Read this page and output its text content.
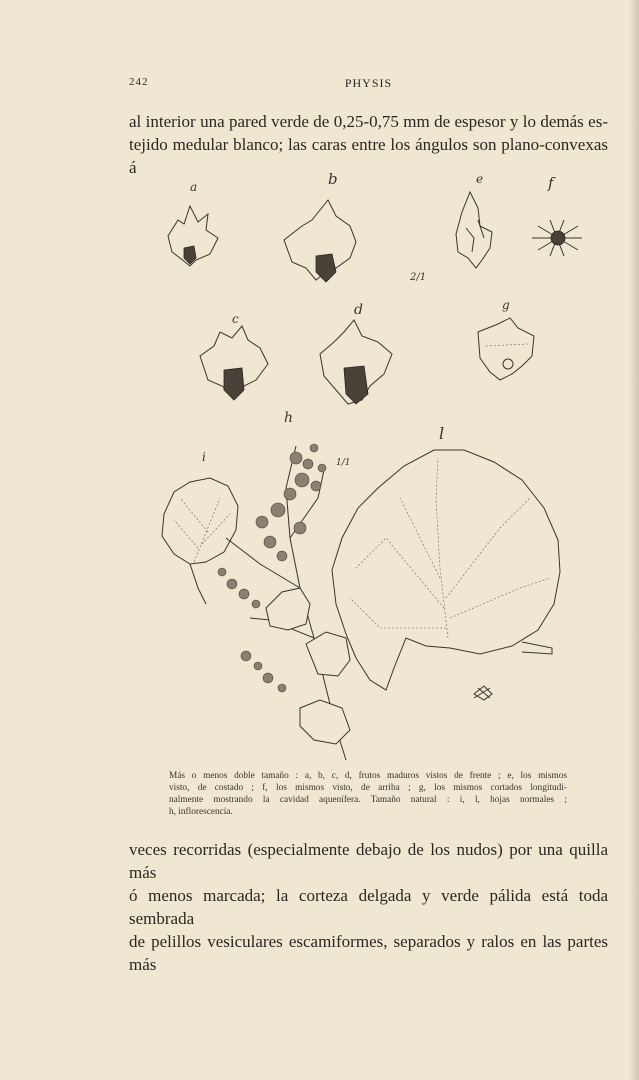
242	PHYSIS
al interior una pared verde de 0,25-0,75 mm de espesor y lo demás es-
tejido medular blanco; las caras entre los ángulos son plano-convexas á
a	b	e	f
c
d	g
h
i
l
2/1
1/1
Más o menos doble tamaño : a, b, c, d, frutos maduros vistos de frente ; e, los mismos
visto, de costado ; f, los mismos visto, de arriba ; g, los mismos cortados longitudi-
nalmente mostrando la cavidad aquenífera. Tamaño natural : i, l, hojas normales ;
h, inflorescencia.
veces recorridas (especialmente debajo de los nudos) por una quilla más
ó menos marcada; la corteza delgada y verde pálida está toda sembrada
de pelillos vesiculares escamiformes, separados y ralos en las partes más
